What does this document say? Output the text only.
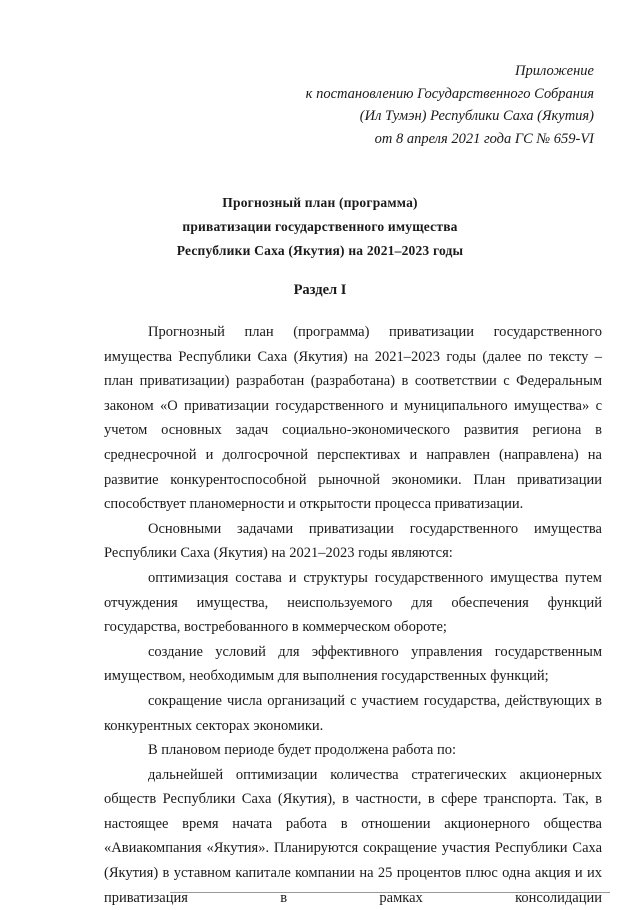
Приложение
к постановлению Государственного Собрания
(Ил Тумэн) Республики Саха (Якутия)
от 8 апреля 2021 года ГС № 659-VI
Прогнозный план (программа)
приватизации государственного имущества
Республики Саха (Якутия) на 2021–2023 годы
Раздел I

Прогнозный план (программа) приватизации государственного имущества Республики Саха (Якутия) на 2021–2023 годы (далее по тексту – план приватизации) разработан (разработана) в соответствии с Федеральным законом «О приватизации государственного и муниципального имущества» с учетом основных задач социально-экономического развития региона в среднесрочной и долгосрочной перспективах и направлен (направлена) на развитие конкурентоспособной рыночной экономики. План приватизации способствует планомерности и открытости процесса приватизации.

Основными задачами приватизации государственного имущества Республики Саха (Якутия) на 2021–2023 годы являются:

оптимизация состава и структуры государственного имущества путем отчуждения имущества, неиспользуемого для обеспечения функций государства, востребованного в коммерческом обороте;

создание условий для эффективного управления государственным имуществом, необходимым для выполнения государственных функций;

сокращение числа организаций с участием государства, действующих в конкурентных секторах экономики.

В плановом периоде будет продолжена работа по:

дальнейшей оптимизации количества стратегических акционерных обществ Республики Саха (Якутия), в частности, в сфере транспорта. Так, в настоящее время начата работа в отношении акционерного общества «Авиакомпания «Якутия». Планируются сокращение участия Республики Саха (Якутия) в уставном капитале компании на 25 процентов плюс одна акция и их приватизация в рамках консолидации
